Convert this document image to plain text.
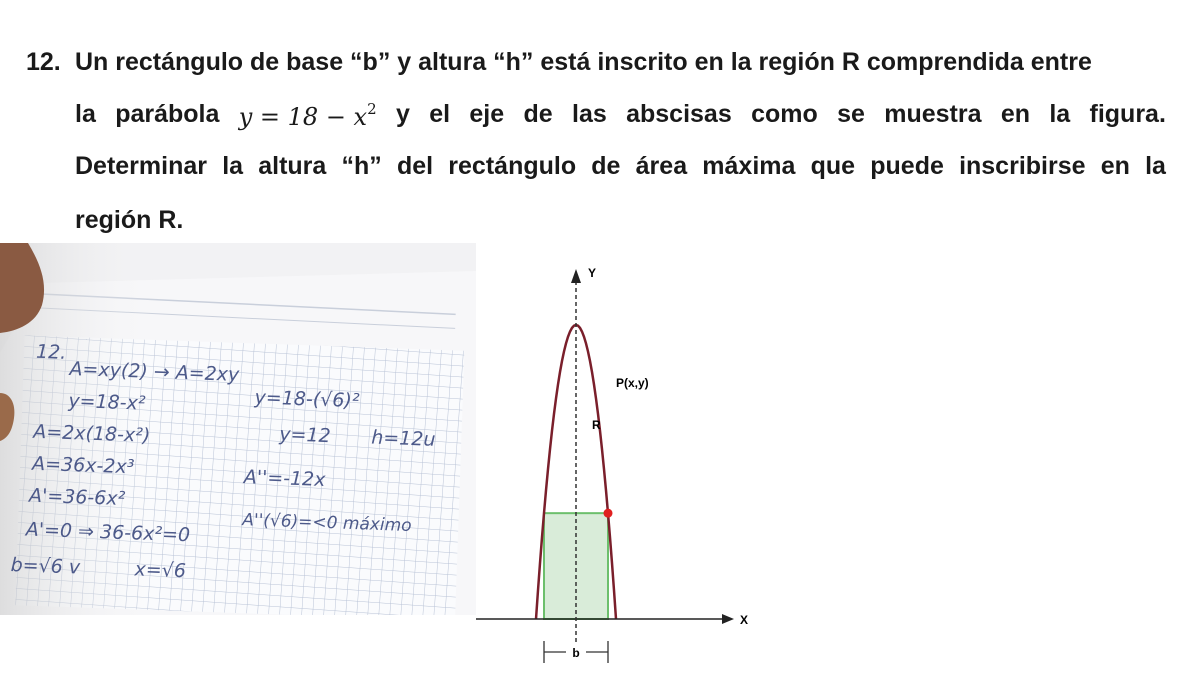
12. Un rectángulo de base “b” y altura “h” está inscrito en la región R comprendida entre
la parábola $y = 18 - x^2$ y el eje de las abscisas como se muestra en la figura.
Determinar la altura “h” del rectángulo de área máxima que puede inscribirse en la
región R.
12.
A=xy(2) → A=2xy
y=18-x²
A=2x(18-x²)
A=36x-2x³
A'=36-6x²
A'=0 ⇒ 36-6x²=0
b=√6 v	x=√6
y=18-(√6)²
y=12 h=12u
A''=-12x
A''(√6)=<0 máximo
Y
X
P(x,y)
R
b
